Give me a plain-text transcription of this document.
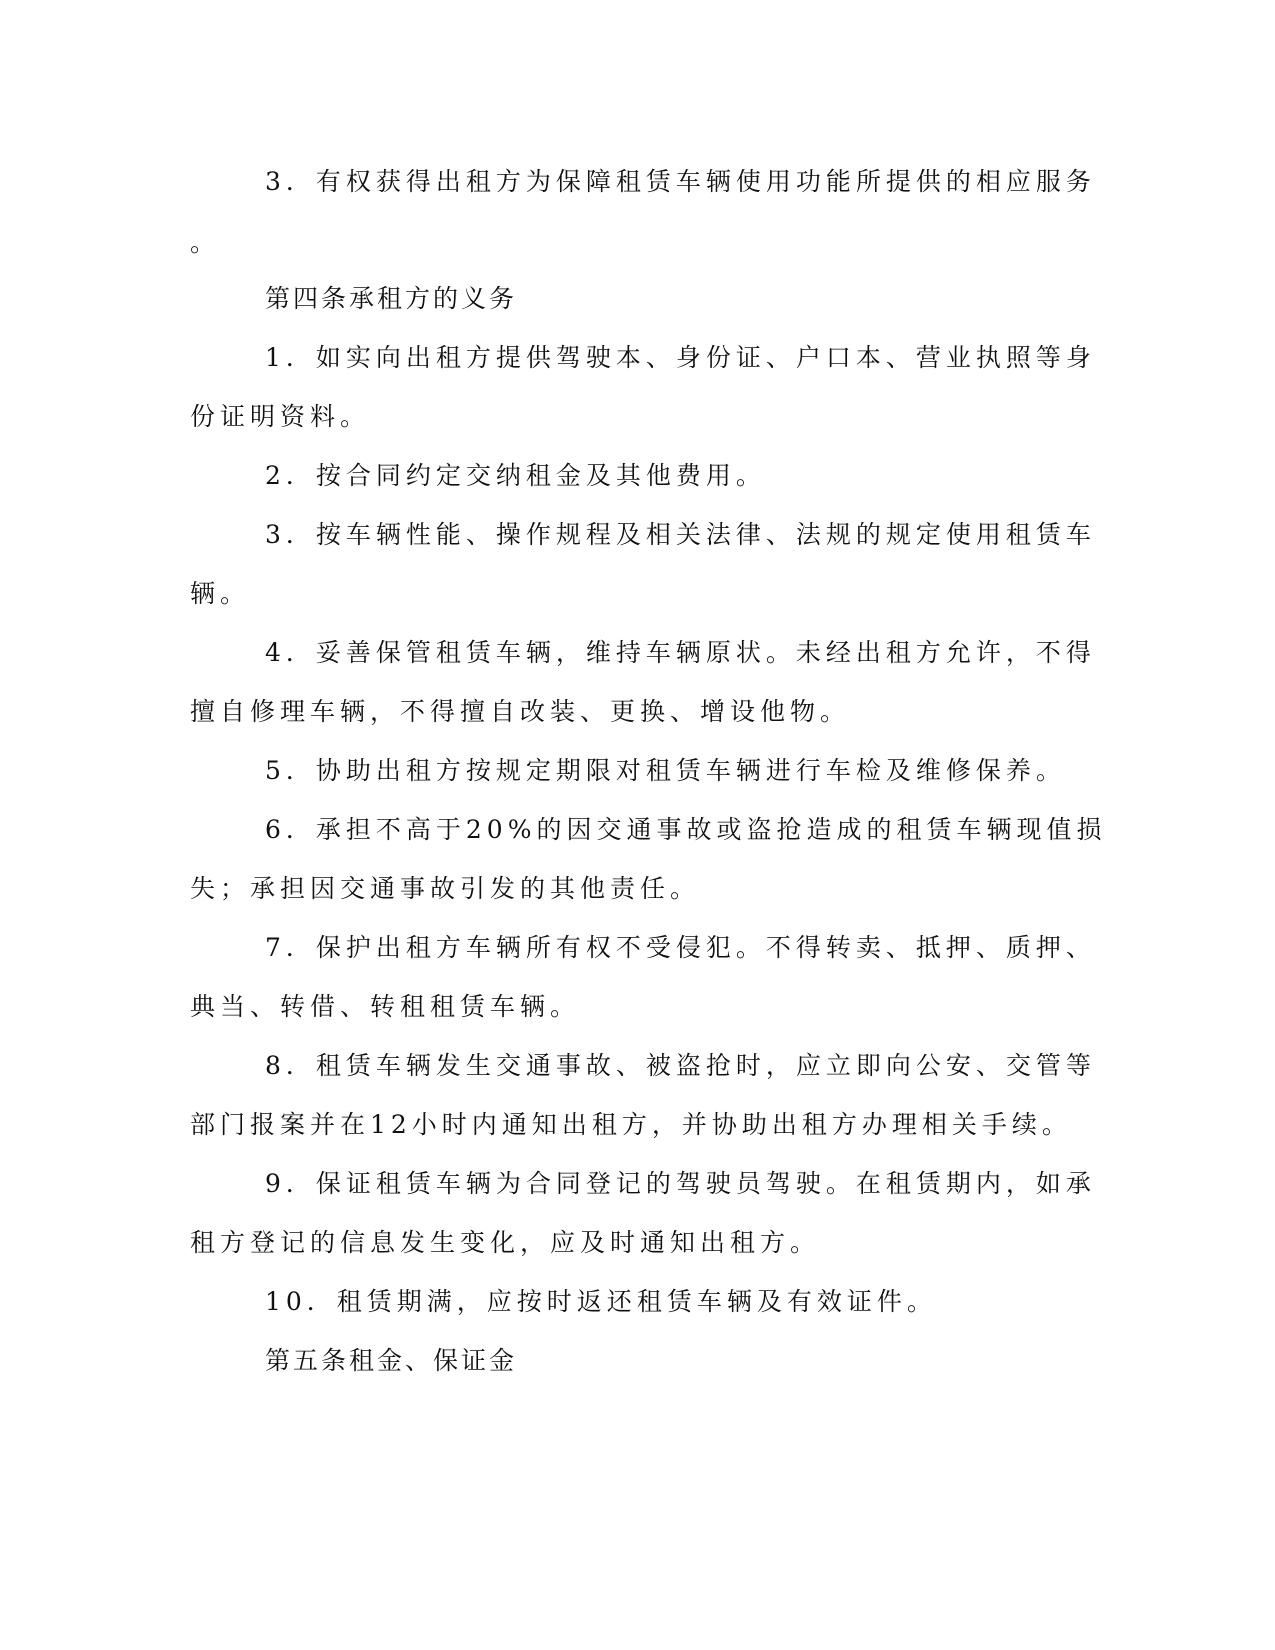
3．有权获得出租方为保障租赁车辆使用功能所提供的相应服务
。
第四条承租方的义务
1．如实向出租方提供驾驶本、身份证、户口本、营业执照等身
份证明资料。
2．按合同约定交纳租金及其他费用。
3．按车辆性能、操作规程及相关法律、法规的规定使用租赁车
辆。
4．妥善保管租赁车辆，维持车辆原状。未经出租方允许，不得
擅自修理车辆，不得擅自改装、更换、增设他物。
5．协助出租方按规定期限对租赁车辆进行车检及维修保养。
6．承担不高于20%的因交通事故或盗抢造成的租赁车辆现值损
失；承担因交通事故引发的其他责任。
7．保护出租方车辆所有权不受侵犯。不得转卖、抵押、质押、
典当、转借、转租租赁车辆。
8．租赁车辆发生交通事故、被盗抢时，应立即向公安、交管等
部门报案并在12小时内通知出租方，并协助出租方办理相关手续。
9．保证租赁车辆为合同登记的驾驶员驾驶。在租赁期内，如承
租方登记的信息发生变化，应及时通知出租方。
10．租赁期满，应按时返还租赁车辆及有效证件。
第五条租金、保证金
